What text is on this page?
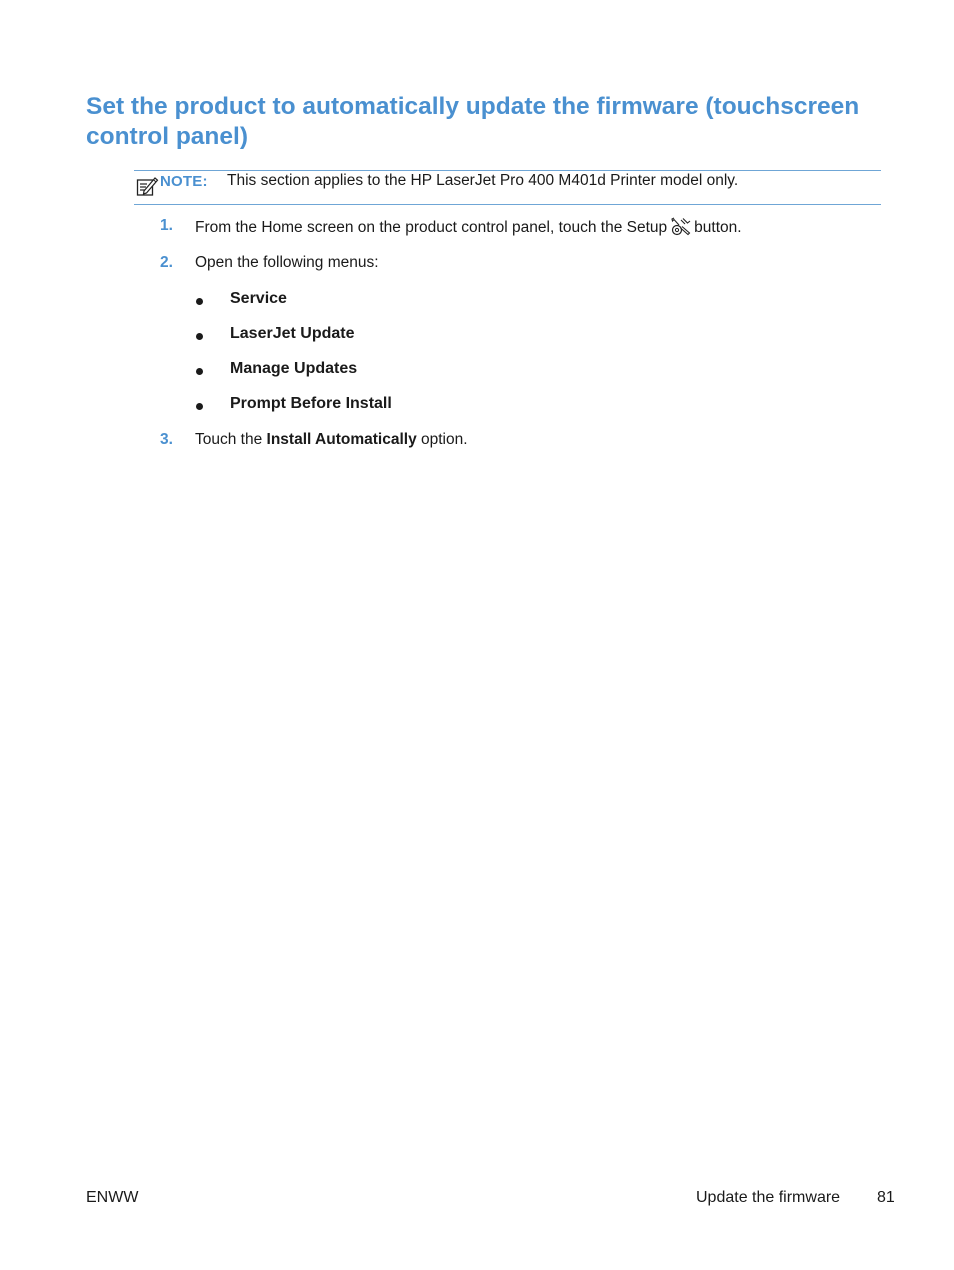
Set the product to automatically update the firmware (touchscreen control panel)
NOTE: This section applies to the HP LaserJet Pro 400 M401d Printer model only.
1. From the Home screen on the product control panel, touch the Setup button.
2. Open the following menus:
Service
LaserJet Update
Manage Updates
Prompt Before Install
3. Touch the Install Automatically option.
ENWW	Update the firmware 81
